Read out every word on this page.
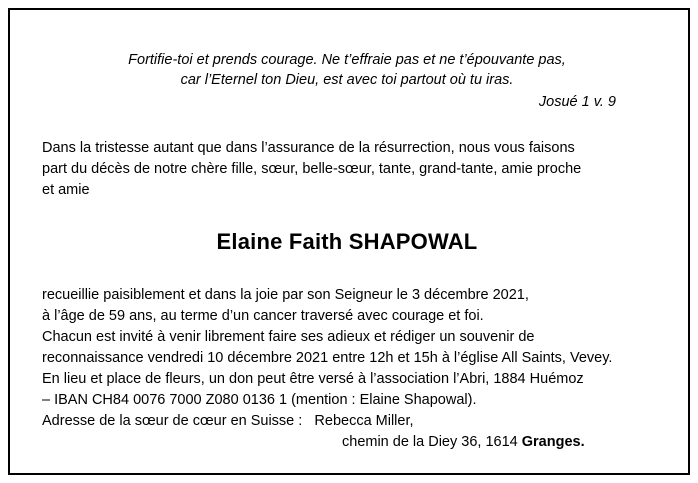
Fortifie-toi et prends courage. Ne t’effraie pas et ne t’épouvante pas,
car l’Eternel ton Dieu, est avec toi partout où tu iras.
Josué 1 v. 9
Dans la tristesse autant que dans l’assurance de la résurrection, nous vous faisons
part du décès de notre chère fille, sœur, belle-sœur, tante, grand-tante, amie proche
et amie
Elaine Faith SHAPOWAL
recueillie paisiblement et dans la joie par son Seigneur le 3 décembre 2021,
à l’âge de 59 ans, au terme d’un cancer traversé avec courage et foi.
Chacun est invité à venir librement faire ses adieux et rédiger un souvenir de
reconnaissance vendredi 10 décembre 2021 entre 12h et 15h à l’église All Saints, Vevey.
En lieu et place de fleurs, un don peut être versé à l’association l’Abri, 1884 Huémoz
– IBAN CH84 0076 7000 Z080 0136 1 (mention : Elaine Shapowal).
Adresse de la sœur de cœur en Suisse : Rebecca Miller,
chemin de la Diey 36, 1614 Granges.
